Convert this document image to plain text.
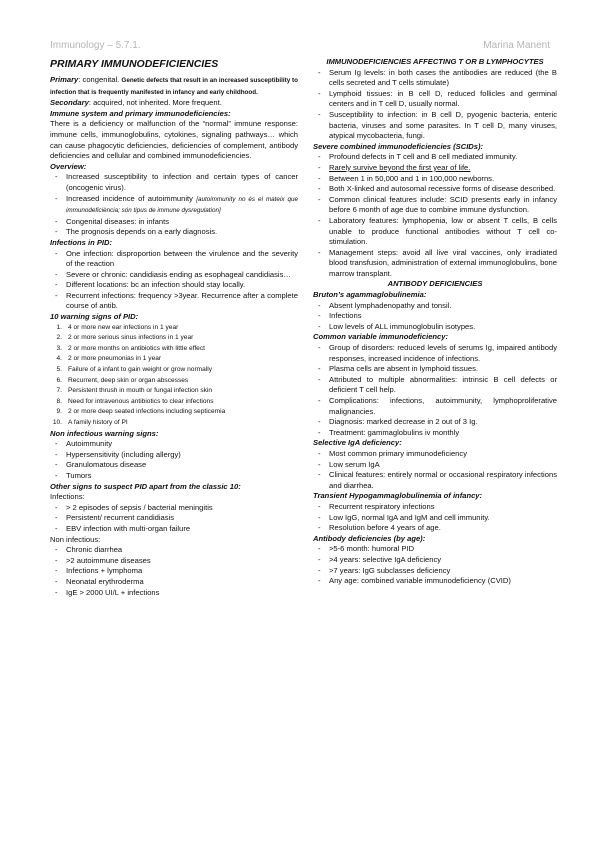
Immunology – 5.7.1.	Marina Manent
PRIMARY IMMUNODEFICIENCIES
Primary: congenital. Genetic defects that result in an increased susceptibility to infection that is frequently manifested in infancy and early childhood.
Secondary: acquired, not inherited. More frequent.
Immune system and primary immunodeficiencies:
There is a deficiency or malfunction of the “normal” immune response: immune cells, immunoglobulins, cytokines, signaling pathways… which can cause phagocytic deficiencies, deficiencies of complement, antibody deficiencies and cellular and combined immunodeficiencies.
Overview:
- Increased susceptibility to infection and certain types of cancer (oncogenic virus).
- Increased incidence of autoimmunity [autoimmunity no és el mateix que immunodeficiència; són tipus de immune dysregulation]
- Congenital diseases: in infants
- The prognosis depends on a early diagnosis.
Infections in PID:
- One infection: disproportion between the virulence and the severity of the reaction
- Severe or chronic: candidiasis ending as esophageal candidiasis…
- Different locations: bc an infection should stay locally.
- Recurrent infections: frequency >3year. Recurrence after a complete course of antib.
10 warning signs of PID:
1. 4 or more new ear infections in 1 year
2. 2 or more serious sinus infections in 1 year
3. 2 or more months on antibiotics with little effect
4. 2 or more pneumonias in 1 year
5. Failure of a infant to gain weight or grow normally
6. Recurrent, deep skin or organ abscesses
7. Persistent thrush in mouth or fungal infection skin
8. Need for intravenous antibiotics to clear infections
9. 2 or more deep seated infections including septicemia
10. A family history of PI
Non infectious warning signs:
- Autoimmunity
- Hypersensitivity (including allergy)
- Granulomatous disease
- Tumors
Other signs to suspect PID apart from the classic 10:
Infections:
- > 2 episodes of sepsis / bacterial meningitis
- Persistent/ recurrent candidiasis
- EBV infection with multi-organ failure
Non infectious:
- Chronic diarrhea
- >2 autoimmune diseases
- Infections + lymphoma
- Neonatal erythroderma
- IgE > 2000 UI/L + infections
IMMUNODEFICIENCIES AFFECTING T OR B LYMPHOCYTES
- Serum Ig levels: in both cases the antibodies are reduced (the B cells secreted and T cells stimulate)
- Lymphoid tissues: in B cell D, reduced follicles and germinal centers and in T cell D, usually normal.
- Susceptibility to infection: in B cell D, pyogenic bacteria, enteric bacteria, viruses and some parasites. In T cell D, many viruses, atypical mycobacteria, fungi.
Severe combined immunodeficiencies (SCIDs):
- Profound defects in T cell and B cell mediated immunity.
- Rarely survive beyond the first year of life.
- Between 1 in 50,000 and 1 in 100,000 newborns.
- Both X-linked and autosomal recessive forms of disease described.
- Common clinical features include: SCID presents early in infancy before 6 month of age due to combine immune dysfunction.
- Laboratory features: lymphopenia, low or absent T cells, B cells unable to produce functional antibodies without T cell co-stimulation.
- Management steps: avoid all live viral vaccines, only irradiated blood transfusion, administration of external immunoglobulins, bone marrow transplant.
ANTIBODY DEFICIENCIES
Bruton’s agammaglobulinemia:
- Absent lymphadenopathy and tonsil.
- Infections
- Low levels of ALL immunoglobulin isotypes.
Common variable immunodeficiency:
- Group of disorders: reduced levels of serums Ig, impaired antibody responses, increased incidence of infections.
- Plasma cells are absent in lymphoid tissues.
- Attributed to multiple abnormalities: intrinsic B cell defects or deficient T cell help.
- Complications: infections, autoimmunity, lymphoproliferative malignancies.
- Diagnosis: marked decrease in 2 out of 3 Ig.
- Treatment: gammaglobulins iv monthly
Selective IgA deficiency:
- Most common primary immunodeficiency
- Low serum IgA
- Clinical features: entirely normal or occasional respiratory infections and diarrhea.
Transient Hypogammaglobulinemia of infancy:
- Recurrent respiratory infections
- Low IgG, normal IgA and IgM and cell immunity.
- Resolution before 4 years of age.
Antibody deficiencies (by age):
- >5-6 month: humoral PID
- >4 years: selective IgA deficiency
- >7 years: IgG subclasses deficiency
- Any age: combined variable immunodeficiency (CVID)
